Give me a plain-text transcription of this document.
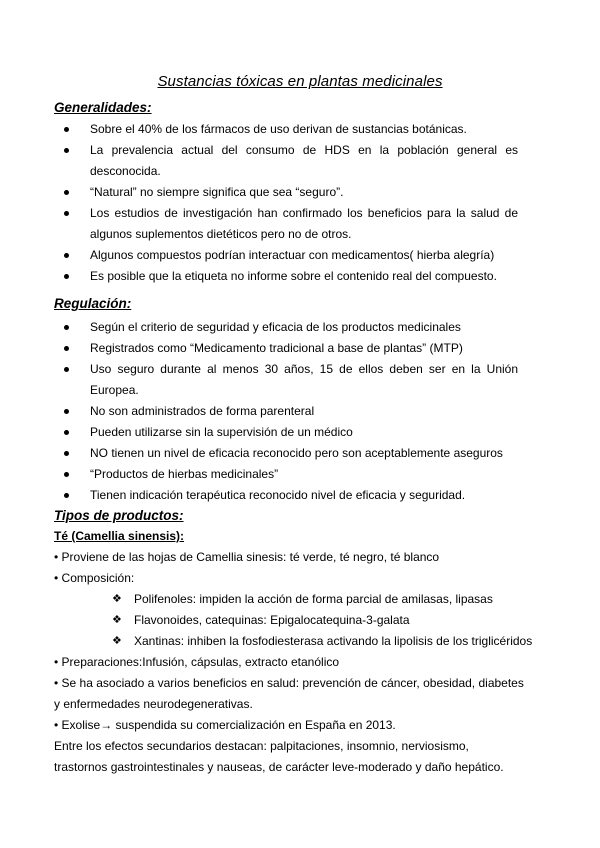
Sustancias tóxicas en plantas medicinales
Generalidades:
Sobre el 40% de los fármacos de uso derivan de sustancias botánicas.
La prevalencia actual del consumo de HDS en la población general es desconocida.
“Natural” no siempre significa que sea “seguro”.
Los estudios de investigación han confirmado los beneficios para la salud de algunos suplementos dietéticos pero no de otros.
Algunos compuestos podrían interactuar con medicamentos( hierba alegría)
Es posible que la etiqueta no informe sobre el contenido real del compuesto.
Regulación:
Según el criterio de seguridad y eficacia de los productos medicinales
Registrados como “Medicamento tradicional a base de plantas” (MTP)
Uso seguro durante al menos 30 años, 15 de ellos deben ser en la Unión Europea.
No son administrados de forma parenteral
Pueden utilizarse sin la supervisión de un médico
NO tienen un nivel de eficacia reconocido pero son aceptablemente aseguros
“Productos de hierbas medicinales”
Tienen indicación terapéutica reconocido nivel de eficacia y seguridad.
Tipos de productos:
Té (Camellia sinensis):
• Proviene de las hojas de Camellia sinesis: té verde, té negro, té blanco
• Composición:
❖ Polifenoles: impiden la acción de forma parcial de amilasas, lipasas
❖ Flavonoides, catequinas: Epigalocatequina-3-galata
❖ Xantinas: inhiben la fosfodiesterasa activando la lipolisis de los triglicéridos
• Preparaciones:Infusión, cápsulas, extracto etanólico
• Se ha asociado a varios beneficios en salud: prevención de cáncer, obesidad, diabetes
y enfermedades neurodegenerativas.
• Exolise→ suspendida su comercialización en España en 2013.
Entre los efectos secundarios destacan: palpitaciones, insomnio, nerviosismo,
trastornos gastrointestinales y nauseas, de carácter leve-moderado y daño hepático.
